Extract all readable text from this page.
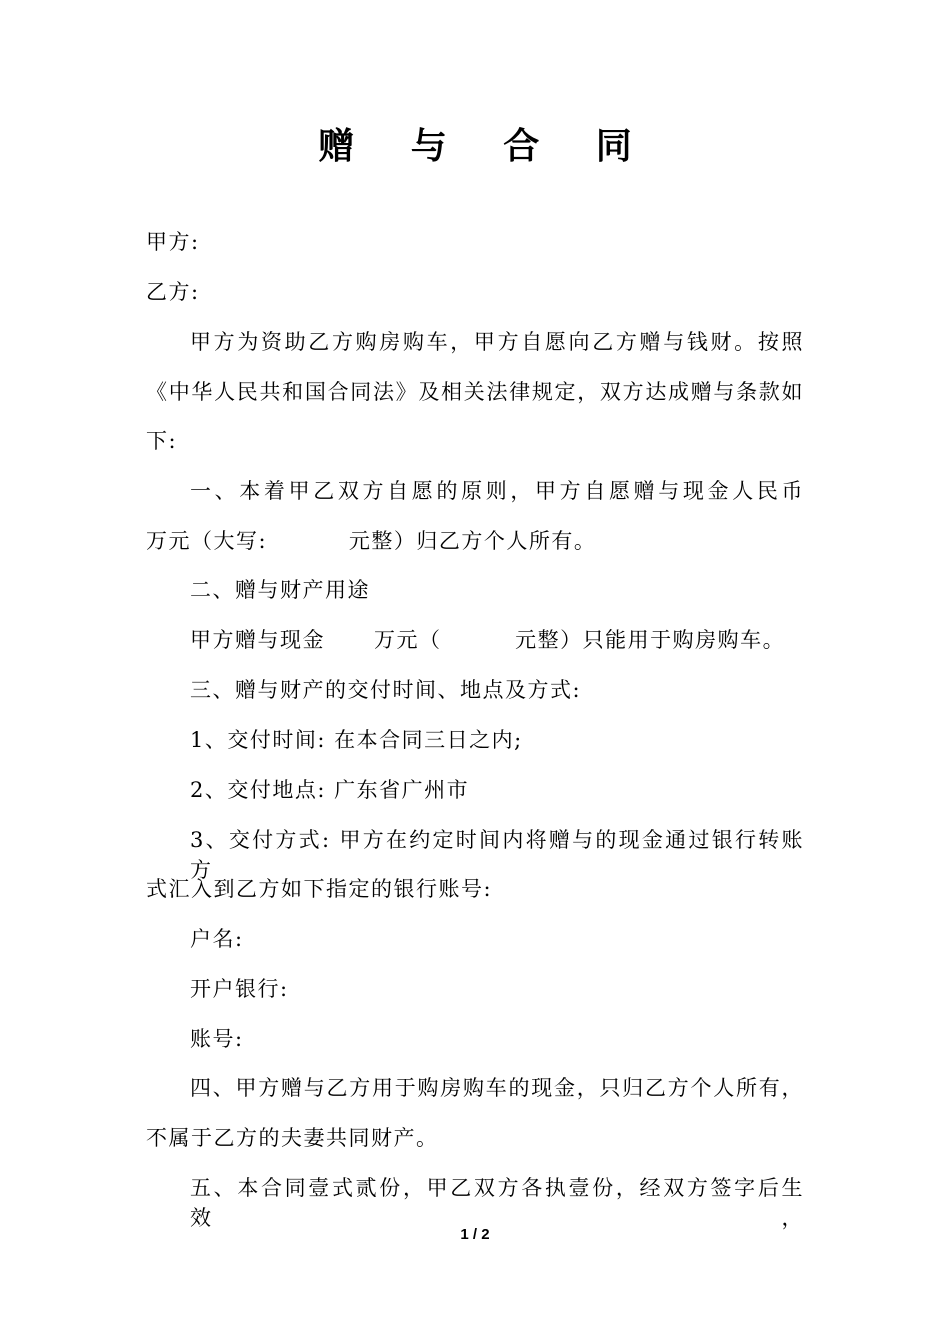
赠 与 合 同
甲方:
乙方:
甲方为资助乙方购房购车，甲方自愿向乙方赠与钱财。按照
《中华人民共和国合同法》及相关法律规定，双方达成赠与条款如
下:
一、本着甲乙双方自愿的原则，甲方自愿赠与现金人民币
万元（大写:          元整）归乙方个人所有。
二、赠与财产用途
甲方赠与现金      万元（         元整）只能用于购房购车。
三、赠与财产的交付时间、地点及方式:
1、交付时间: 在本合同三日之内;
2、交付地点: 广东省广州市
3、交付方式: 甲方在约定时间内将赠与的现金通过银行转账方
式汇入到乙方如下指定的银行账号:
户名:
开户银行:
账号:
四、甲方赠与乙方用于购房购车的现金，只归乙方个人所有，
不属于乙方的夫妻共同财产。
五、本合同壹式贰份，甲乙双方各执壹份，经双方签字后生效，
1 / 2
